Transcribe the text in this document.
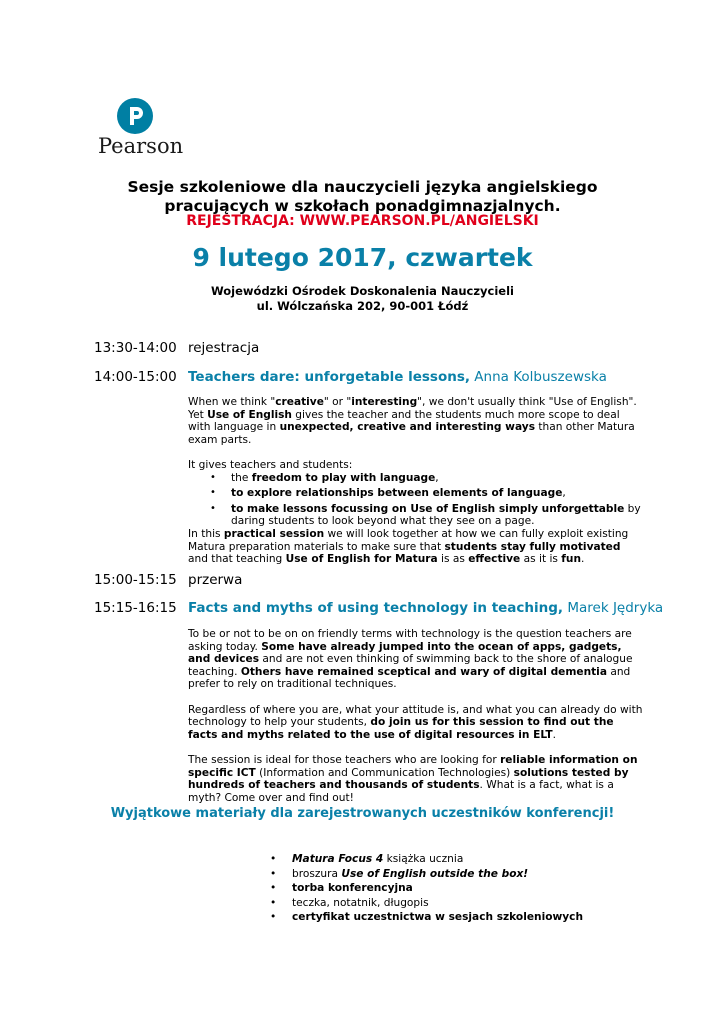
Pearson
Sesje szkoleniowe dla nauczycieli języka angielskiego
pracujących w szkołach ponadgimnazjalnych.
REJESTRACJA: WWW.PEARSON.PL/ANGIELSKI
9 lutego 2017, czwartek
Wojewódzki Ośrodek Doskonalenia Nauczycieli
ul. Wólczańska 202, 90-001 Łódź
13:30-14:00 rejestracja
14:00-15:00 Teachers dare: unforgetable lessons, Anna Kolbuszewska

When we think "creative" or "interesting", we don't usually think "Use of English".
Yet Use of English gives the teacher and the students much more scope to deal with language in unexpected, creative and interesting ways than other Matura exam parts.

It gives teachers and students:

• the freedom to play with language,
• to explore relationships between elements of language,
• to make lessons focussing on Use of English simply unforgettable by daring students to look beyond what they see on a page.

In this practical session we will look together at how we can fully exploit existing Matura preparation materials to make sure that students stay fully motivated and that teaching Use of English for Matura is as effective as it is fun.

15:00-15:15 przerwa
15:15-16:15 Facts and myths of using technology in teaching, Marek Jędryka

To be or not to be on on friendly terms with technology is the question teachers are asking today. Some have already jumped into the ocean of apps, gadgets, and devices and are not even thinking of swimming back to the shore of analogue teaching. Others have remained sceptical and wary of digital dementia and prefer to rely on traditional techniques.

Regardless of where you are, what your attitude is, and what you can already do with technology to help your students, do join us for this session to find out the facts and myths related to the use of digital resources in ELT.

The session is ideal for those teachers who are looking for reliable information on specific ICT (Information and Communication Technologies) solutions tested by hundreds of teachers and thousands of students. What is a fact, what is a myth? Come over and find out!

Wyjątkowe materiały dla zarejestrowanych uczestników konferencji!
• Matura Focus 4 książka ucznia
• broszura Use of English outside the box!
• torba konferencyjna
• teczka, notatnik, długopis
• certyfikat uczestnictwa w sesjach szkoleniowych
